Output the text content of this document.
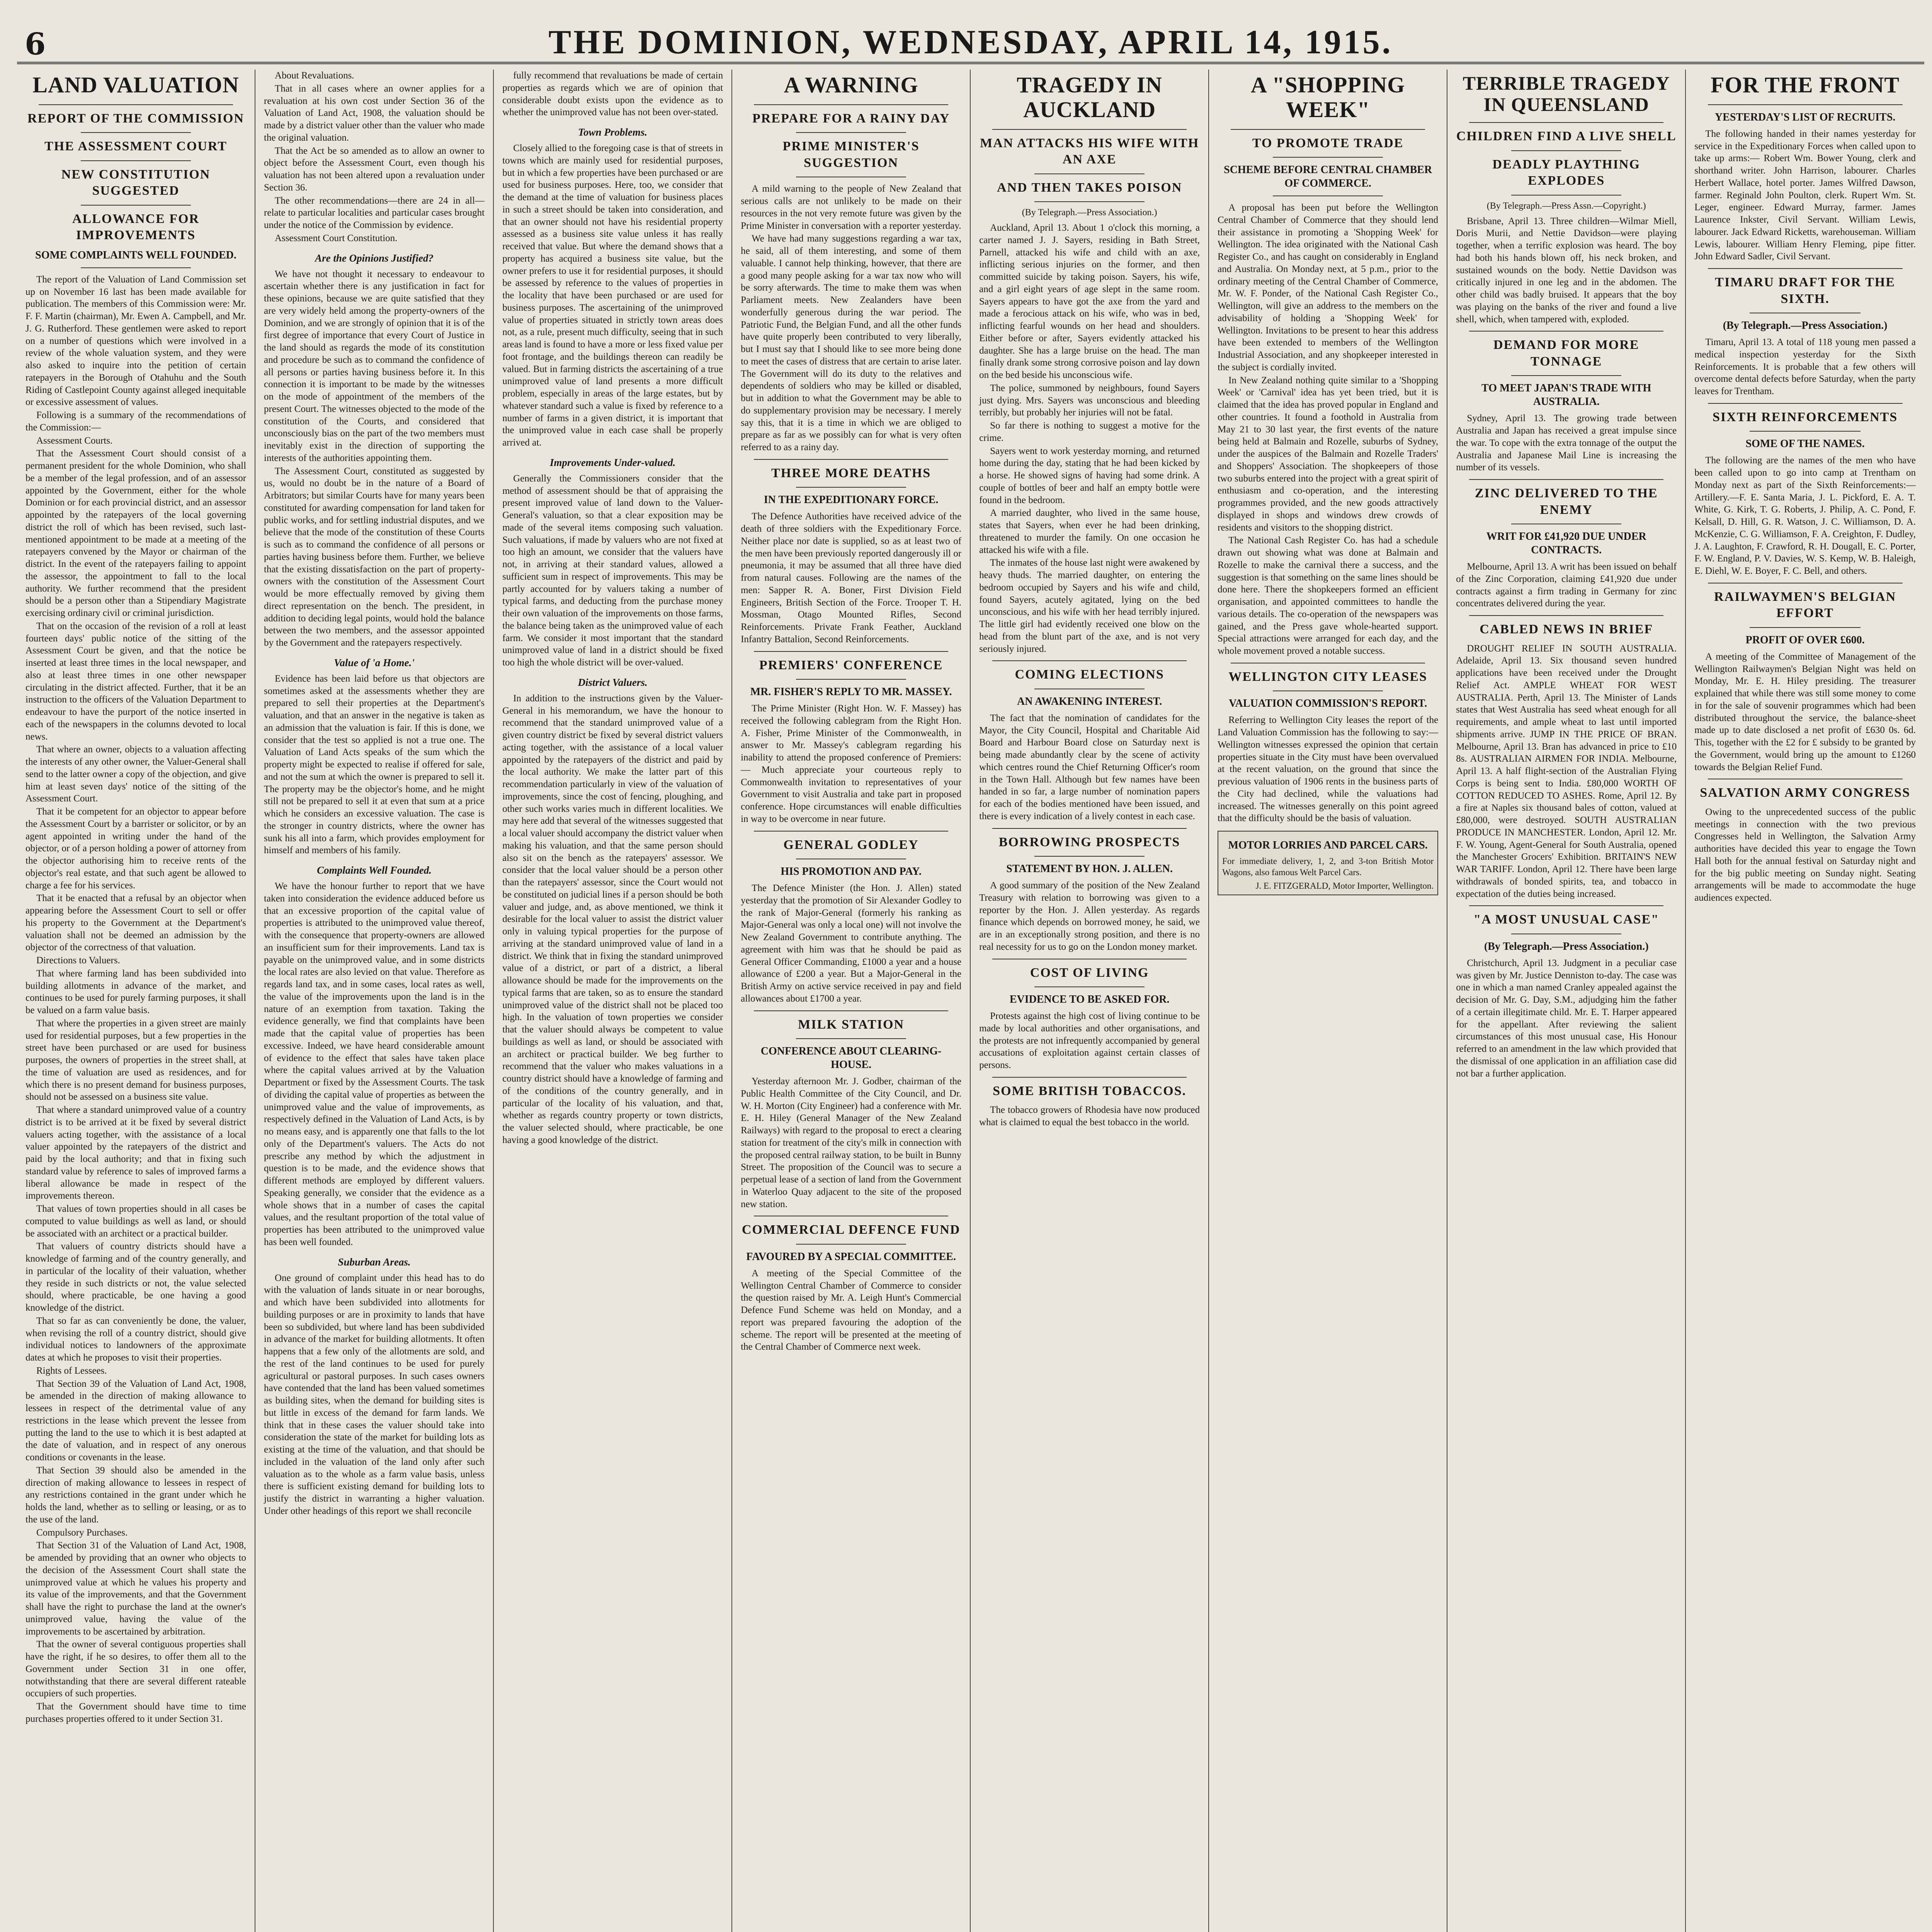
6	THE DOMINION, WEDNESDAY, APRIL 14, 1915.
LAND VALUATION
REPORT OF THE COMMISSION
THE ASSESSMENT COURT
NEW CONSTITUTION SUGGESTED
ALLOWANCE FOR IMPROVEMENTS
SOME COMPLAINTS WELL FOUNDED.

The report of the Valuation of Land Commission set up on November 16 last has been made available for publication. The members of this Commission were: Mr. F. F. Martin (chairman), Mr. Ewen A. Campbell, and Mr. J. G. Rutherford. These gentlemen were asked to report on a number of questions which were involved in a review of the whole valuation system, and they were also asked to inquire into the petition of certain ratepayers in the Borough of Otahuhu and the South Riding of Castlepoint County against alleged inequitable or excessive assessment of values.

Following is a summary of the recommendations of the Commission:—

Assessment Courts.

That the Assessment Court should consist of a permanent president for the whole Dominion, who shall be a member of the legal profession, and of an assessor appointed by the Government, either for the whole Dominion or for each provincial district, and an assessor appointed by the ratepayers of the local governing district the roll of which has been revised, such last-mentioned appointment to be made at a meeting of the ratepayers convened by the Mayor or chairman of the district. In the event of the ratepayers failing to appoint the assessor, the appointment to fall to the local authority. We further recommend that the president should be a person other than a Stipendiary Magistrate exercising ordinary civil or criminal jurisdiction.

That on the occasion of the revision of a roll at least fourteen days' public notice of the sitting of the Assessment Court be given, and that the notice be inserted at least three times in the local newspaper, and also at least three times in one other newspaper circulating in the district affected. Further, that it be an instruction to the officers of the Valuation Department to endeavour to have the purport of the notice inserted in each of the newspapers in the columns devoted to local news.

That where an owner, objects to a valuation affecting the interests of any other owner, the Valuer-General shall send to the latter owner a copy of the objection, and give him at least seven days' notice of the sitting of the Assessment Court.

That it be competent for an objector to appear before the Assessment Court by a barrister or solicitor, or by an agent appointed in writing under the hand of the objector, or of a person holding a power of attorney from the objector authorising him to receive rents of the objector's real estate, and that such agent be allowed to charge a fee for his services.

That it be enacted that a refusal by an objector when appearing before the Assessment Court to sell or offer his property to the Government at the Department's valuation shall not be deemed an admission by the objector of the correctness of that valuation.

Directions to Valuers.

That where farming land has been subdivided into building allotments in advance of the market, and continues to be used for purely farming purposes, it shall be valued on a farm value basis.

That where the properties in a given street are mainly used for residential purposes, but a few properties in the street have been purchased or are used for business purposes, the owners of properties in the street shall, at the time of valuation are used as residences, and for which there is no present demand for business purposes, should not be assessed on a business site value.

That where a standard unimproved value of a country district is to be arrived at it be fixed by several district valuers acting together, with the assistance of a local valuer appointed by the ratepayers of the district and paid by the local authority; and that in fixing such standard value by reference to sales of improved farms a liberal allowance be made in respect of the improvements thereon.

That values of town properties should in all cases be computed to value buildings as well as land, or should be associated with an architect or a practical builder.

That valuers of country districts should have a knowledge of farming and of the country generally, and in particular of the locality of their valuation, whether they reside in such districts or not, the value selected should, where practicable, be one having a good knowledge of the district.

That so far as can conveniently be done, the valuer, when revising the roll of a country district, should give individual notices to landowners of the approximate dates at which he proposes to visit their properties.

Rights of Lessees.

That Section 39 of the Valuation of Land Act, 1908, be amended in the direction of making allowance to lessees in respect of the detrimental value of any restrictions in the lease which prevent the lessee from putting the land to the use to which it is best adapted at the date of valuation, and in respect of any onerous conditions or covenants in the lease.

That Section 39 should also be amended in the direction of making allowance to lessees in respect of any restrictions contained in the grant under which he holds the land, whether as to selling or leasing, or as to the use of the land.

Compulsory Purchases.

That Section 31 of the Valuation of Land Act, 1908, be amended by providing that an owner who objects to the decision of the Assessment Court shall state the unimproved value at which he values his property and its value of the improvements, and that the Government shall have the right to purchase the land at the owner's unimproved value, having the value of the improvements to be ascertained by arbitration.

That the owner of several contiguous properties shall have the right, if he so desires, to offer them all to the Government under Section 31 in one offer, notwithstanding that there are several different rateable occupiers of such properties.

That the Government should have time to time purchases properties offered to it under Section 31.

About Revaluations.

That in all cases where an owner applies for a revaluation at his own cost under Section 36 of the Valuation of Land Act, 1908, the valuation should be made by a district valuer other than the valuer who made the original valuation.

That the Act be so amended as to allow an owner to object before the Assessment Court, even though his valuation has not been altered upon a revaluation under Section 36.

The other recommendations—there are 24 in all—relate to particular localities and particular cases brought under the notice of the Commission by evidence.

Assessment Court Constitution.

Are the Opinions Justified?

We have not thought it necessary to endeavour to ascertain whether there is any justification in fact for these opinions, because we are quite satisfied that they are very widely held among the property-owners of the Dominion, and we are strongly of opinion that it is of the first degree of importance that every Court of Justice in the land should as regards the mode of its constitution and procedure be such as to command the confidence of all persons or parties having business before it. In this connection it is important to be made by the witnesses on the mode of appointment of the members of the present Court. The witnesses objected to the mode of the constitution of the Courts, and considered that unconsciously bias on the part of the two members must inevitably exist in the direction of supporting the interests of the authorities appointing them.

The Assessment Court, constituted as suggested by us, would no doubt be in the nature of a Board of Arbitrators; but similar Courts have for many years been constituted for awarding compensation for land taken for public works, and for settling industrial disputes, and we believe that the mode of the constitution of these Courts is such as to command the confidence of all persons or parties having business before them. Further, we believe that the existing dissatisfaction on the part of property-owners with the constitution of the Assessment Court would be more effectually removed by giving them direct representation on the bench. The president, in addition to deciding legal points, would hold the balance between the two members, and the assessor appointed by the Government and the ratepayers respectively.

Value of 'a Home.'

Evidence has been laid before us that objectors are sometimes asked at the assessments whether they are prepared to sell their properties at the Department's valuation, and that an answer in the negative is taken as an admission that the valuation is fair. If this is done, we consider that the test so applied is not a true one. The Valuation of Land Acts speaks of the sum which the property might be expected to realise if offered for sale, and not the sum at which the owner is prepared to sell it. The property may be the objector's home, and he might still not be prepared to sell it at even that sum at a price which he considers an excessive valuation. The case is the stronger in country districts, where the owner has sunk his all into a farm, which provides employment for himself and members of his family.

Complaints Well Founded.

We have the honour further to report that we have taken into consideration the evidence adduced before us that an excessive proportion of the capital value of properties is attributed to the unimproved value thereof, with the consequence that property-owners are allowed an insufficient sum for their improvements. Land tax is payable on the unimproved value, and in some districts the local rates are also levied on that value. Therefore as regards land tax, and in some cases, local rates as well, the value of the improvements upon the land is in the nature of an exemption from taxation. Taking the evidence generally, we find that complaints have been made that the capital value of properties has been excessive. Indeed, we have heard considerable amount of evidence to the effect that sales have taken place where the capital values arrived at by the Valuation Department or fixed by the Assessment Courts. The task of dividing the capital value of properties as between the unimproved value and the value of improvements, as respectively defined in the Valuation of Land Acts, is by no means easy, and is apparently one that falls to the lot only of the Department's valuers. The Acts do not prescribe any method by which the adjustment in question is to be made, and the evidence shows that different methods are employed by different valuers. Speaking generally, we consider that the evidence as a whole shows that in a number of cases the capital values, and the resultant proportion of the total value of properties has been attributed to the unimproved value has been well founded.

Suburban Areas.

One ground of complaint under this head has to do with the valuation of lands situate in or near boroughs, and which have been subdivided into allotments for building purposes or are in proximity to lands that have been so subdivided, but where land has been subdivided in advance of the market for building allotments. It often happens that a few only of the allotments are sold, and the rest of the land continues to be used for purely agricultural or pastoral purposes. In such cases owners have contended that the land has been valued sometimes as building sites, when the demand for building sites is but little in excess of the demand for farm lands. We think that in these cases the valuer should take into consideration the state of the market for building lots as existing at the time of the valuation, and that should be included in the valuation of the land only after such valuation as to the whole as a farm value basis, unless there is sufficient existing demand for building lots to justify the district in warranting a higher valuation. Under other headings of this report we shall reconcile

fully recommend that revaluations be made of certain properties as regards which we are of opinion that considerable doubt exists upon the evidence as to whether the unimproved value has not been over-stated.

Town Problems.

Closely allied to the foregoing case is that of streets in towns which are mainly used for residential purposes, but in which a few properties have been purchased or are used for business purposes. Here, too, we consider that the demand at the time of valuation for business places in such a street should be taken into consideration, and that an owner should not have his residential property assessed as a business site value unless it has really received that value. But where the demand shows that a property has acquired a business site value, but the owner prefers to use it for residential purposes, it should be assessed by reference to the values of properties in the locality that have been purchased or are used for business purposes. The ascertaining of the unimproved value of properties situated in strictly town areas does not, as a rule, present much difficulty, seeing that in such areas land is found to have a more or less fixed value per foot frontage, and the buildings thereon can readily be valued. But in farming districts the ascertaining of a true unimproved value of land presents a more difficult problem, especially in areas of the large estates, but by whatever standard such a value is fixed by reference to a number of farms in a given district, it is important that the unimproved value in each case shall be properly arrived at.

Improvements Under-valued.

Generally the Commissioners consider that the method of assessment should be that of appraising the present improved value of land down to the Valuer-General's valuation, so that a clear exposition may be made of the several items composing such valuation. Such valuations, if made by valuers who are not fixed at too high an amount, we consider that the valuers have not, in arriving at their standard values, allowed a sufficient sum in respect of improvements. This may be partly accounted for by valuers taking a number of typical farms, and deducting from the purchase money their own valuation of the improvements on those farms, the balance being taken as the unimproved value of each farm. We consider it most important that the standard unimproved value of land in a district should be fixed too high the whole district will be over-valued.

District Valuers.

In addition to the instructions given by the Valuer-General in his memorandum, we have the honour to recommend that the standard unimproved value of a given country district be fixed by several district valuers acting together, with the assistance of a local valuer appointed by the ratepayers of the district and paid by the local authority. We make the latter part of this recommendation particularly in view of the valuation of improvements, since the cost of fencing, ploughing, and other such works varies much in different localities. We may here add that several of the witnesses suggested that a local valuer should accompany the district valuer when making his valuation, and that the same person should also sit on the bench as the ratepayers' assessor. We consider that the local valuer should be a person other than the ratepayers' assessor, since the Court would not be constituted on judicial lines if a person should be both valuer and judge, and, as above mentioned, we think it desirable for the local valuer to assist the district valuer only in valuing typical properties for the purpose of arriving at the standard unimproved value of land in a district. We think that in fixing the standard unimproved value of a district, or part of a district, a liberal allowance should be made for the improvements on the typical farms that are taken, so as to ensure the standard unimproved value of the district shall not be placed too high. In the valuation of town properties we consider that the valuer should always be competent to value buildings as well as land, or should be associated with an architect or practical builder. We beg further to recommend that the valuer who makes valuations in a country district should have a knowledge of farming and of the conditions of the country generally, and in particular of the locality of his valuation, and that, whether as regards country property or town districts, the valuer selected should, where practicable, be one having a good knowledge of the district.

A WARNING
PREPARE FOR A RAINY DAY
PRIME MINISTER'S SUGGESTION

A mild warning to the people of New Zealand that serious calls are not unlikely to be made on their resources in the not very remote future was given by the Prime Minister in conversation with a reporter yesterday.

We have had many suggestions regarding a war tax, he said, all of them interesting, and some of them valuable. I cannot help thinking, however, that there are a good many people asking for a war tax now who will be sorry afterwards. The time to make them was when Parliament meets. New Zealanders have been wonderfully generous during the war period. The Patriotic Fund, the Belgian Fund, and all the other funds have quite properly been contributed to very liberally, but I must say that I should like to see more being done to meet the cases of distress that are certain to arise later. The Government will do its duty to the relatives and dependents of soldiers who may be killed or disabled, but in addition to what the Government may be able to do supplementary provision may be necessary. I merely say this, that it is a time in which we are obliged to prepare as far as we possibly can for what is very often referred to as a rainy day.

THREE MORE DEATHS
IN THE EXPEDITIONARY FORCE.

The Defence Authorities have received advice of the death of three soldiers with the Expeditionary Force. Neither place nor date is supplied, so as at least two of the men have been previously reported dangerously ill or pneumonia, it may be assumed that all three have died from natural causes. Following are the names of the men: Sapper R. A. Boner, First Division Field Engineers, British Section of the Force. Trooper T. H. Mossman, Otago Mounted Rifles, Second Reinforcements. Private Frank Feather, Auckland Infantry Battalion, Second Reinforcements.

PREMIERS' CONFERENCE
MR. FISHER'S REPLY TO MR. MASSEY.

The Prime Minister (Right Hon. W. F. Massey) has received the following cablegram from the Right Hon. A. Fisher, Prime Minister of the Commonwealth, in answer to Mr. Massey's cablegram regarding his inability to attend the proposed conference of Premiers:— Much appreciate your courteous reply to Commonwealth invitation to representatives of your Government to visit Australia and take part in proposed conference. Hope circumstances will enable difficulties in way to be overcome in near future.

GENERAL GODLEY
HIS PROMOTION AND PAY.

The Defence Minister (the Hon. J. Allen) stated yesterday that the promotion of Sir Alexander Godley to the rank of Major-General (formerly his ranking as Major-General was only a local one) will not involve the New Zealand Government to contribute anything. The agreement with him was that he should be paid as General Officer Commanding, £1000 a year and a house allowance of £200 a year. But a Major-General in the British Army on active service received in pay and field allowances about £1700 a year.

MILK STATION
CONFERENCE ABOUT CLEARING-HOUSE.

Yesterday afternoon Mr. J. Godber, chairman of the Public Health Committee of the City Council, and Dr. W. H. Morton (City Engineer) had a conference with Mr. E. H. Hiley (General Manager of the New Zealand Railways) with regard to the proposal to erect a clearing station for treatment of the city's milk in connection with the proposed central railway station, to be built in Bunny Street. The proposition of the Council was to secure a perpetual lease of a section of land from the Government in Waterloo Quay adjacent to the site of the proposed new station.

COMMERCIAL DEFENCE FUND
FAVOURED BY A SPECIAL COMMITTEE.

A meeting of the Special Committee of the Wellington Central Chamber of Commerce to consider the question raised by Mr. A. Leigh Hunt's Commercial Defence Fund Scheme was held on Monday, and a report was prepared favouring the adoption of the scheme. The report will be presented at the meeting of the Central Chamber of Commerce next week.

TRAGEDY IN AUCKLAND
MAN ATTACKS HIS WIFE WITH AN AXE
AND THEN TAKES POISON
(By Telegraph.—Press Association.)

Auckland, April 13. About 1 o'clock this morning, a carter named J. J. Sayers, residing in Bath Street, Parnell, attacked his wife and child with an axe, inflicting serious injuries on the former, and then committed suicide by taking poison. Sayers, his wife, and a girl eight years of age slept in the same room. Sayers appears to have got the axe from the yard and made a ferocious attack on his wife, who was in bed, inflicting fearful wounds on her head and shoulders. Either before or after, Sayers evidently attacked his daughter. She has a large bruise on the head. The man finally drank some strong corrosive poison and lay down on the bed beside his unconscious wife.

The police, summoned by neighbours, found Sayers just dying. Mrs. Sayers was unconscious and bleeding terribly, but probably her injuries will not be fatal.

So far there is nothing to suggest a motive for the crime.

Sayers went to work yesterday morning, and returned home during the day, stating that he had been kicked by a horse. He showed signs of having had some drink. A couple of bottles of beer and half an empty bottle were found in the bedroom.

A married daughter, who lived in the same house, states that Sayers, when ever he had been drinking, threatened to murder the family. On one occasion he attacked his wife with a file.

The inmates of the house last night were awakened by heavy thuds. The married daughter, on entering the bedroom occupied by Sayers and his wife and child, found Sayers, acutely agitated, lying on the bed unconscious, and his wife with her head terribly injured. The little girl had evidently received one blow on the head from the blunt part of the axe, and is not very seriously injured.

COMING ELECTIONS
AN AWAKENING INTEREST.

The fact that the nomination of candidates for the Mayor, the City Council, Hospital and Charitable Aid Board and Harbour Board close on Saturday next is being made abundantly clear by the scene of activity which centres round the Chief Returning Officer's room in the Town Hall. Although but few names have been handed in so far, a large number of nomination papers for each of the bodies mentioned have been issued, and there is every indication of a lively contest in each case.

BORROWING PROSPECTS
STATEMENT BY HON. J. ALLEN.

A good summary of the position of the New Zealand Treasury with relation to borrowing was given to a reporter by the Hon. J. Allen yesterday. As regards finance which depends on borrowed money, he said, we are in an exceptionally strong position, and there is no real necessity for us to go on the London money market.

COST OF LIVING
EVIDENCE TO BE ASKED FOR.

Protests against the high cost of living continue to be made by local authorities and other organisations, and the protests are not infrequently accompanied by general accusations of exploitation against certain classes of persons.

SOME BRITISH TOBACCOS.

The tobacco growers of Rhodesia have now produced what is claimed to equal the best tobacco in the world.

A "SHOPPING WEEK"
TO PROMOTE TRADE
SCHEME BEFORE CENTRAL CHAMBER OF COMMERCE.

A proposal has been put before the Wellington Central Chamber of Commerce that they should lend their assistance in promoting a 'Shopping Week' for Wellington. The idea originated with the National Cash Register Co., and has caught on considerably in England and Australia. On Monday next, at 5 p.m., prior to the ordinary meeting of the Central Chamber of Commerce, Mr. W. F. Ponder, of the National Cash Register Co., Wellington, will give an address to the members on the advisability of holding a 'Shopping Week' for Wellington. Invitations to be present to hear this address have been extended to members of the Wellington Industrial Association, and any shopkeeper interested in the subject is cordially invited.

In New Zealand nothing quite similar to a 'Shopping Week' or 'Carnival' idea has yet been tried, but it is claimed that the idea has proved popular in England and other countries. It found a foothold in Australia from May 21 to 30 last year, the first events of the nature being held at Balmain and Rozelle, suburbs of Sydney, under the auspices of the Balmain and Rozelle Traders' and Shoppers' Association. The shopkeepers of those two suburbs entered into the project with a great spirit of enthusiasm and co-operation, and the interesting programmes provided, and the new goods attractively displayed in shops and windows drew crowds of residents and visitors to the shopping district.

The National Cash Register Co. has had a schedule drawn out showing what was done at Balmain and Rozelle to make the carnival there a success, and the suggestion is that something on the same lines should be done here. There the shopkeepers formed an efficient organisation, and appointed committees to handle the various details. The co-operation of the newspapers was gained, and the Press gave whole-hearted support. Special attractions were arranged for each day, and the whole movement proved a notable success.

WELLINGTON CITY LEASES
VALUATION COMMISSION'S REPORT.

Referring to Wellington City leases the report of the Land Valuation Commission has the following to say:— Wellington witnesses expressed the opinion that certain properties situate in the City must have been overvalued at the recent valuation, on the ground that since the previous valuation of 1906 rents in the business parts of the City had declined, while the valuations had increased. The witnesses generally on this point agreed that the difficulty should be the basis of valuation.

MOTOR LORRIES AND PARCEL CARS.
For immediate delivery, 1, 2, and 3-ton British Motor Wagons, also famous Welt Parcel Cars.
J. E. FITZGERALD, Motor Importer, Wellington.
TERRIBLE TRAGEDY IN QUEENSLAND
CHILDREN FIND A LIVE SHELL
DEADLY PLAYTHING EXPLODES
(By Telegraph.—Press Assn.—Copyright.)

Brisbane, April 13. Three children—Wilmar Miell, Doris Murii, and Nettie Davidson—were playing together, when a terrific explosion was heard. The boy had both his hands blown off, his neck broken, and sustained wounds on the body. Nettie Davidson was critically injured in one leg and in the abdomen. The other child was badly bruised. It appears that the boy was playing on the banks of the river and found a live shell, which, when tampered with, exploded.

DEMAND FOR MORE TONNAGE
TO MEET JAPAN'S TRADE WITH AUSTRALIA.

Sydney, April 13. The growing trade between Australia and Japan has received a great impulse since the war. To cope with the extra tonnage of the output the Australia and Japanese Mail Line is increasing the number of its vessels.

ZINC DELIVERED TO THE ENEMY
WRIT FOR £41,920 DUE UNDER CONTRACTS.

Melbourne, April 13. A writ has been issued on behalf of the Zinc Corporation, claiming £41,920 due under contracts against a firm trading in Germany for zinc concentrates delivered during the year.

CABLED NEWS IN BRIEF

DROUGHT RELIEF IN SOUTH AUSTRALIA. Adelaide, April 13. Six thousand seven hundred applications have been received under the Drought Relief Act. AMPLE WHEAT FOR WEST AUSTRALIA. Perth, April 13. The Minister of Lands states that West Australia has seed wheat enough for all requirements, and ample wheat to last until imported shipments arrive. JUMP IN THE PRICE OF BRAN. Melbourne, April 13. Bran has advanced in price to £10 8s. AUSTRALIAN AIRMEN FOR INDIA. Melbourne, April 13. A half flight-section of the Australian Flying Corps is being sent to India. £80,000 WORTH OF COTTON REDUCED TO ASHES. Rome, April 12. By a fire at Naples six thousand bales of cotton, valued at £80,000, were destroyed. SOUTH AUSTRALIAN PRODUCE IN MANCHESTER. London, April 12. Mr. F. W. Young, Agent-General for South Australia, opened the Manchester Grocers' Exhibition. BRITAIN'S NEW WAR TARIFF. London, April 12. There have been large withdrawals of bonded spirits, tea, and tobacco in expectation of the duties being increased.

"A MOST UNUSUAL CASE"
(By Telegraph.—Press Association.)

Christchurch, April 13. Judgment in a peculiar case was given by Mr. Justice Denniston to-day. The case was one in which a man named Cranley appealed against the decision of Mr. G. Day, S.M., adjudging him the father of a certain illegitimate child. Mr. E. T. Harper appeared for the appellant. After reviewing the salient circumstances of this most unusual case, His Honour referred to an amendment in the law which provided that the dismissal of one application in an affiliation case did not bar a further application.

FOR THE FRONT
YESTERDAY'S LIST OF RECRUITS.

The following handed in their names yesterday for service in the Expeditionary Forces when called upon to take up arms:— Robert Wm. Bower Young, clerk and shorthand writer. John Harrison, labourer. Charles Herbert Wallace, hotel porter. James Wilfred Dawson, farmer. Reginald John Poulton, clerk. Rupert Wm. St. Leger, engineer. Edward Murray, farmer. James Laurence Inkster, Civil Servant. William Lewis, labourer. Jack Edward Ricketts, warehouseman. William Lewis, labourer. William Henry Fleming, pipe fitter. John Edward Sadler, Civil Servant.

TIMARU DRAFT FOR THE SIXTH.
(By Telegraph.—Press Association.)

Timaru, April 13. A total of 118 young men passed a medical inspection yesterday for the Sixth Reinforcements. It is probable that a few others will overcome dental defects before Saturday, when the party leaves for Trentham.

SIXTH REINFORCEMENTS
SOME OF THE NAMES.

The following are the names of the men who have been called upon to go into camp at Trentham on Monday next as part of the Sixth Reinforcements:— Artillery.—F. E. Santa Maria, J. L. Pickford, E. A. T. White, G. Kirk, T. G. Roberts, J. Philip, A. C. Pond, F. Kelsall, D. Hill, G. R. Watson, J. C. Williamson, D. A. McKenzie, C. G. Williamson, F. A. Creighton, F. Dudley, J. A. Laughton, F. Crawford, R. H. Dougall, E. C. Porter, F. W. England, P. V. Davies, W. S. Kemp, W. B. Haleigh, E. Diehl, W. E. Boyer, F. C. Bell, and others.

RAILWAYMEN'S BELGIAN EFFORT
PROFIT OF OVER £600.

A meeting of the Committee of Management of the Wellington Railwaymen's Belgian Night was held on Monday, Mr. E. H. Hiley presiding. The treasurer explained that while there was still some money to come in for the sale of souvenir programmes which had been distributed throughout the service, the balance-sheet made up to date disclosed a net profit of £630 0s. 6d. This, together with the £2 for £ subsidy to be granted by the Government, would bring up the amount to £1260 towards the Belgian Relief Fund.

SALVATION ARMY CONGRESS

Owing to the unprecedented success of the public meetings in connection with the two previous Congresses held in Wellington, the Salvation Army authorities have decided this year to engage the Town Hall both for the annual festival on Saturday night and for the big public meeting on Sunday night. Seating arrangements will be made to accommodate the huge audiences expected.
